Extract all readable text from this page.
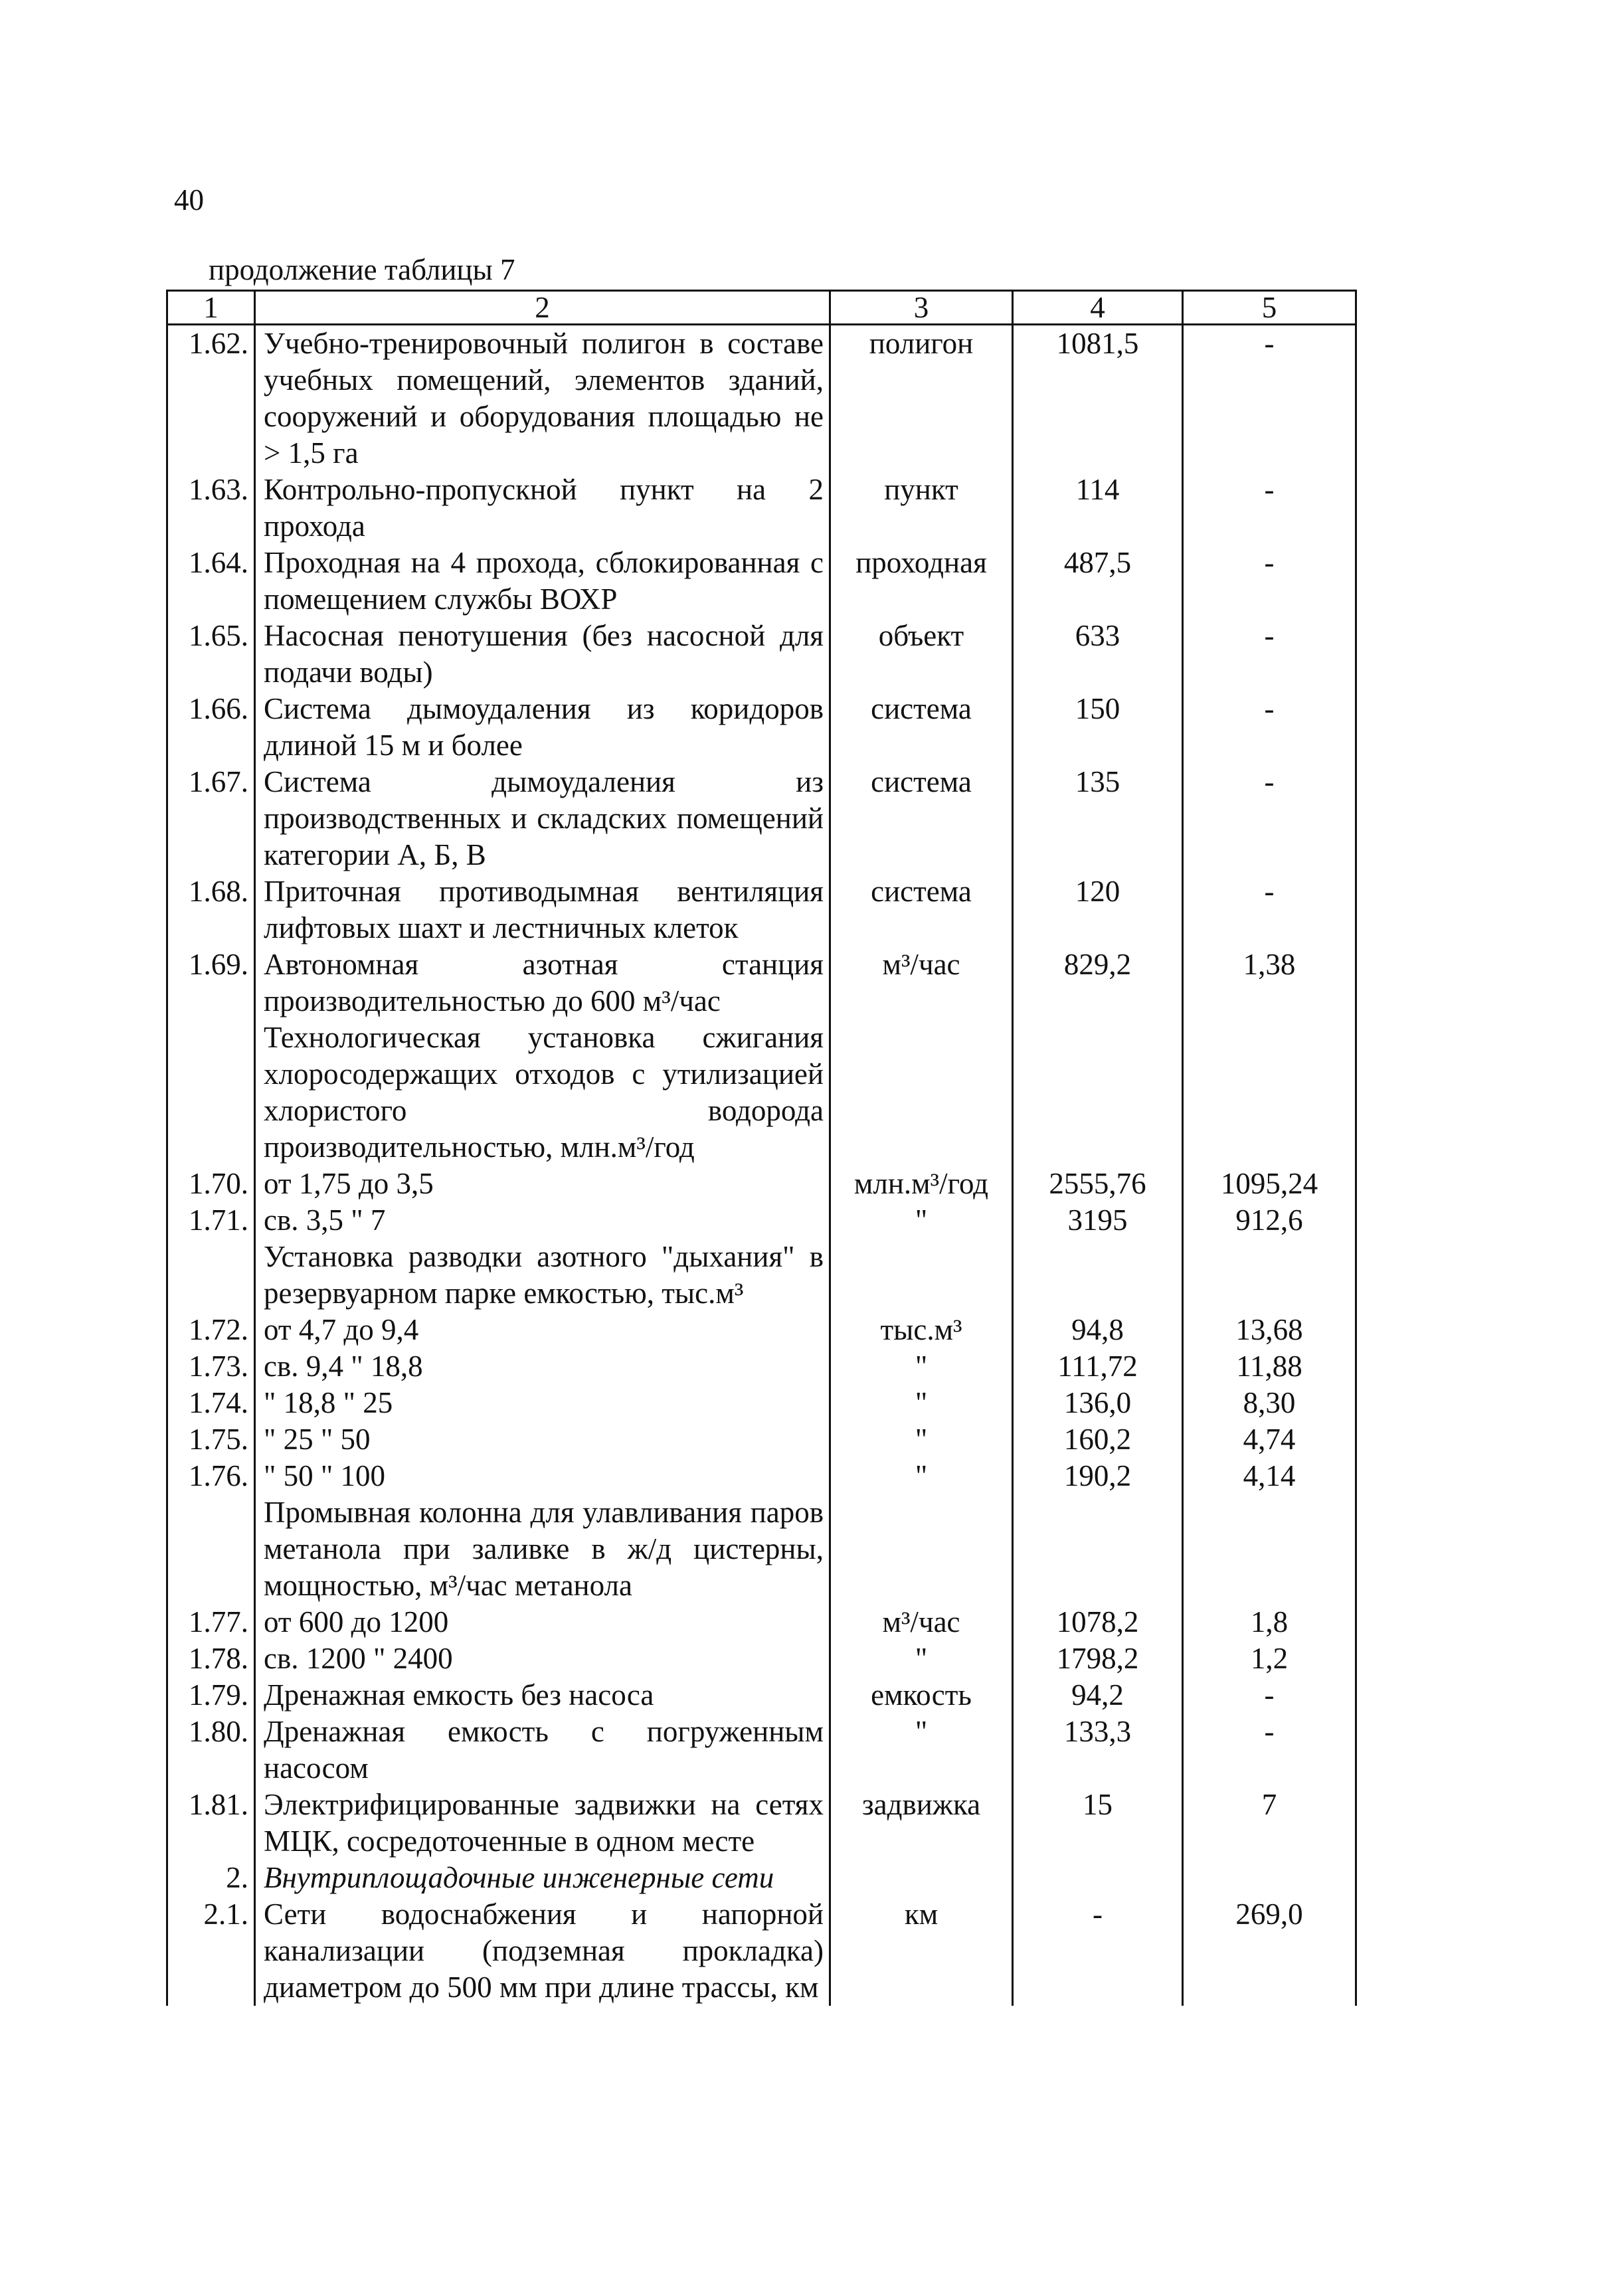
40
продолжение таблицы 7
1	2	3	4	5
1.62.	Учебно-тренировочный полигон в составе учебных помещений, элементов зданий, сооружений и оборудования площадью не > 1,5 га	полигон	1081,5	-
1.63.	Контрольно-пропускной пункт на 2 прохода	пункт	114	-
1.64.	Проходная на 4 прохода, сблокированная с помещением службы ВОХР	проходная	487,5	-
1.65.	Насосная пенотушения (без насосной для подачи воды)	объект	633	-
1.66.	Система дымоудаления из коридоров длиной 15 м и более	система	150	-
1.67.	Система дымоудаления из производственных и складских помещений категории А, Б, В	система	135	-
1.68.	Приточная противодымная вентиляция лифтовых шахт и лестничных клеток	система	120	-
1.69.	Автономная азотная станция производительностью до 600 м³/час	м³/час	829,2	1,38
	Технологическая установка сжигания хлоросодержащих отходов с утилизацией хлористого водорода производительностью, млн.м³/год			
1.70.	от 1,75 до 3,5	млн.м³/год	2555,76	1095,24
1.71.	св. 3,5 " 7	"	3195	912,6
	Установка разводки азотного "дыхания" в резервуарном парке емкостью, тыс.м³			
1.72.	от 4,7 до 9,4	тыс.м³	94,8	13,68
1.73.	св. 9,4 " 18,8	"	111,72	11,88
1.74.	" 18,8 " 25	"	136,0	8,30
1.75.	" 25 " 50	"	160,2	4,74
1.76.	" 50 " 100	"	190,2	4,14
	Промывная колонна для улавливания паров метанола при заливке в ж/д цистерны, мощностью, м³/час метанола			
1.77.	от 600 до 1200	м³/час	1078,2	1,8
1.78.	св. 1200 " 2400	"	1798,2	1,2
1.79.	Дренажная емкость без насоса	емкость	94,2	-
1.80.	Дренажная емкость с погруженным насосом	"	133,3	-
1.81.	Электрифицированные задвижки на сетях МЦК, сосредоточенные в одном месте	задвижка	15	7
2.	Внутриплощадочные инженерные сети			
2.1.	Сети водоснабжения и напорной канализации (подземная прокладка) диаметром до 500 мм при длине трассы, км	км	-	269,0
